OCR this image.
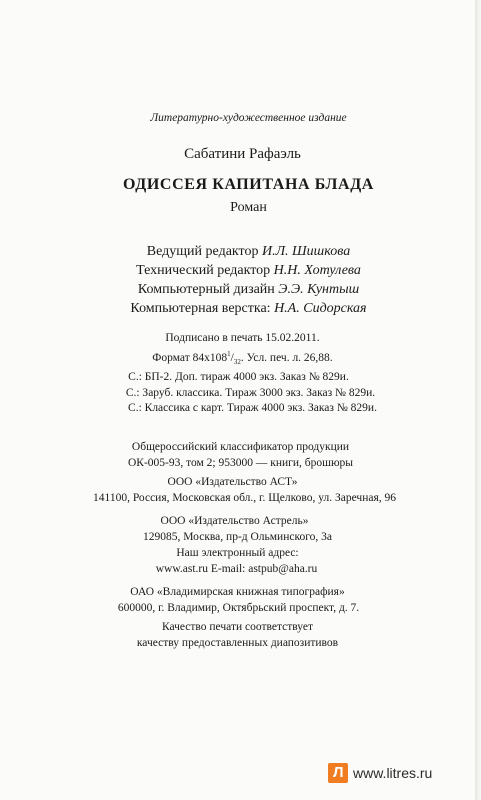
Литературно-художественное издание
Сабатини Рафаэль
ОДИССЕЯ КАПИТАНА БЛАДА
Роман
Ведущий редактор И.Л. Шишкова
Технический редактор Н.Н. Хотулева
Компьютерный дизайн Э.Э. Кунтыш
Компьютерная верстка: Н.А. Сидорская
Подписано в печать 15.02.2011.
Формат $84х108^1/_{32}$. Усл. печ. л. 26,88.
С.: БП-2. Доп. тираж 4000 экз. Заказ № 829и.
С.: Заруб. классика. Тираж 3000 экз. Заказ № 829и.
С.: Классика с карт. Тираж 4000 экз. Заказ № 829и.
Общероссийский классификатор продукции
ОК-005-93, том 2; 953000 — книги, брошюры
ООО «Издательство АСТ»
141100, Россия, Московская обл., г. Щелково, ул. Заречная, 96
ООО «Издательство Астрель»
129085, Москва, пр-д Ольминского, 3а
Наш электронный адрес:
www.ast.ru E-mail: astpub@aha.ru
ОАО «Владимирская книжная типография»
600000, г. Владимир, Октябрьский проспект, д. 7.
Качество печати соответствует
качеству предоставленных диапозитивов
Л www.litres.ru
